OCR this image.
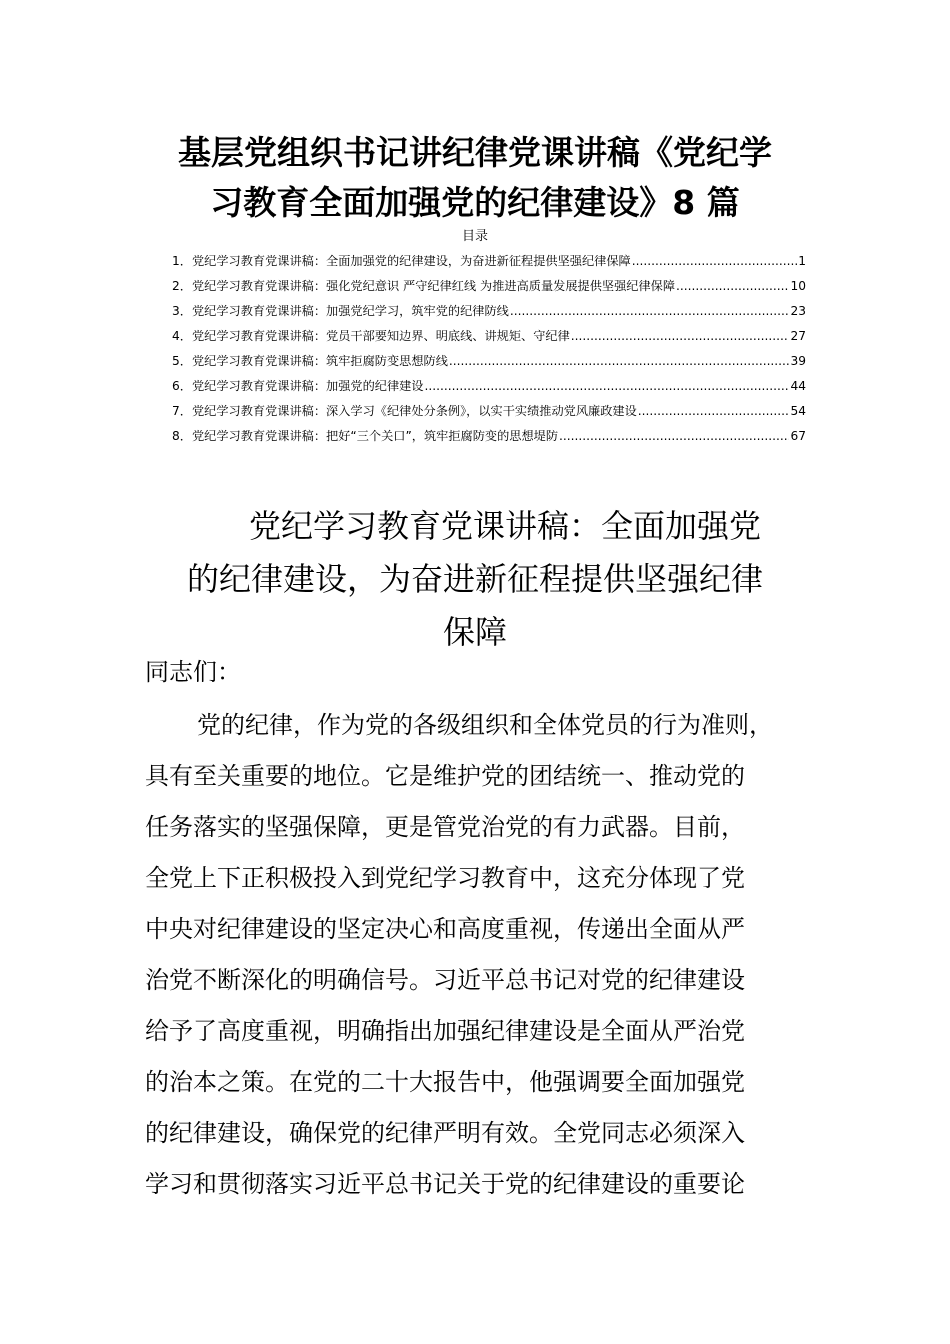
基层党组织书记讲纪律党课讲稿《党纪学
习教育全面加强党的纪律建设》8 篇
目录
1．党纪学习教育党课讲稿：全面加强党的纪律建设，为奋进新征程提供坚强纪律保障 .....	1
2．党纪学习教育党课讲稿：强化党纪意识 严守纪律红线 为推进高质量发展提供坚强纪律保障 .....	10
3．党纪学习教育党课讲稿：加强党纪学习，筑牢党的纪律防线 .....	23
4．党纪学习教育党课讲稿：党员干部要知边界、明底线、讲规矩、守纪律 .....	27
5．党纪学习教育党课讲稿：筑牢拒腐防变思想防线 .....	39
6．党纪学习教育党课讲稿：加强党的纪律建设 .....	44
7．党纪学习教育党课讲稿：深入学习《纪律处分条例》，以实干实绩推动党风廉政建设 .....	54
8．党纪学习教育党课讲稿：把好“三个关口”，筑牢拒腐防变的思想堤防 .....	67
党纪学习教育党课讲稿：全面加强党
的纪律建设，为奋进新征程提供坚强纪律
保障
同志们：
党的纪律，作为党的各级组织和全体党员的行为准则，
具有至关重要的地位。它是维护党的团结统一、推动党的
任务落实的坚强保障，更是管党治党的有力武器。目前，
全党上下正积极投入到党纪学习教育中，这充分体现了党
中央对纪律建设的坚定决心和高度重视，传递出全面从严
治党不断深化的明确信号。习近平总书记对党的纪律建设
给予了高度重视，明确指出加强纪律建设是全面从严治党
的治本之策。在党的二十大报告中，他强调要全面加强党
的纪律建设，确保党的纪律严明有效。全党同志必须深入
学习和贯彻落实习近平总书记关于党的纪律建设的重要论
